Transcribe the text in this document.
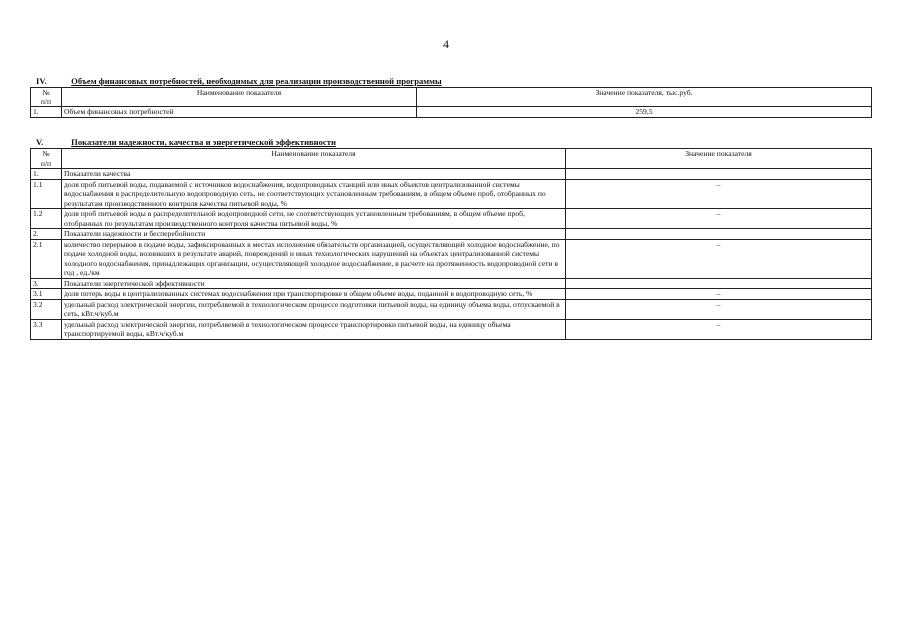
4
IV.	Объем финансовых потребностей, необходимых для реализации производственной программы
№
п/п	Наименование показателя	Значение показателя, тыс.руб.
1.	Объем финансовых потребностей	259,5
V.	Показатели надежности, качества и энергетической эффективности
№
п/п	Наименование показателя	Значение показателя
1.	Показатели качества	
1.1	доля проб питьевой воды, подаваемой с источников водоснабжения, водопроводных станций или иных объектов централизованной системы водоснабжения в распределительную водопроводную сеть, не соответствующих установленным требованиям, в общем объеме проб, отобранных по результатам производственного контроля качества питьевой воды, %	–
1.2	доля проб питьевой воды в распределительной водопроводной сети, не соответствующих установленным требованиям, в общем объеме проб, отобранных по результатам производственного контроля качества питьевой воды, %	–
2.	Показатели надежности и бесперебойности	
2.1	количество перерывов в подаче воды, зафиксированных в местах исполнения обязательств организацией, осуществляющей холодное водоснабжение, по подаче холодной воды, возникших в результате аварий, повреждений и иных технологических нарушений на объектах централизованной системы холодного водоснабжения, принадлежащих организации, осуществляющей холодное водоснабжение, в расчете на протяженность водопроводной сети в год , ед./км	–
3.	Показатели энергетической эффективности	
3.1	доля потерь воды в централизованных системах водоснабжения при транспортировке в общем объеме воды, поданной в водопроводную сеть, %	–
3.2	удельный расход электрической энергии, потребляемой в технологическом процессе подготовки питьевой воды, на единицу объема воды, отпускаемой в сеть, кВт.ч/куб.м	–
3.3	удельный расход электрической энергии, потребляемой в технологическом процессе транспортировки питьевой воды, на единицу объема транспортируемой воды, кВт.ч/куб.м	–
